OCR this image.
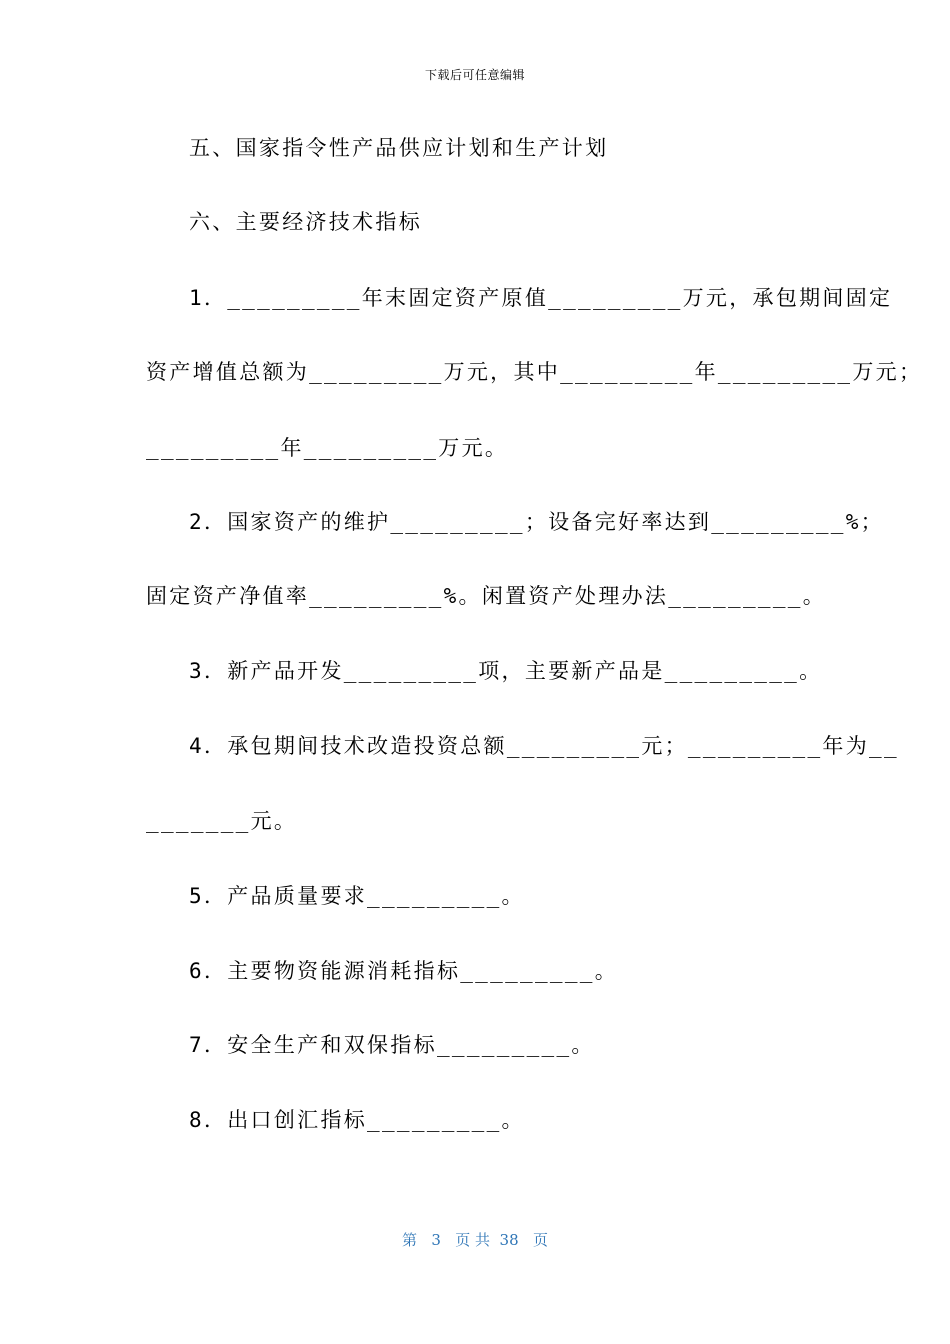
下载后可任意编辑
五、国家指令性产品供应计划和生产计划
六、主要经济技术指标
1．_________年末固定资产原值_________万元，承包期间固定
资产增值总额为_________万元，其中_________年_________万元；
_________年_________万元。
2．国家资产的维护_________；设备完好率达到_________%；
固定资产净值率_________%。闲置资产处理办法_________。
3．新产品开发_________项，主要新产品是_________。
4．承包期间技术改造投资总额_________元；_________年为__
_______元。
5．产品质量要求_________。
6．主要物资能源消耗指标_________。
7．安全生产和双保指标_________。
8．出口创汇指标_________。
第 3 页 共 38 页
